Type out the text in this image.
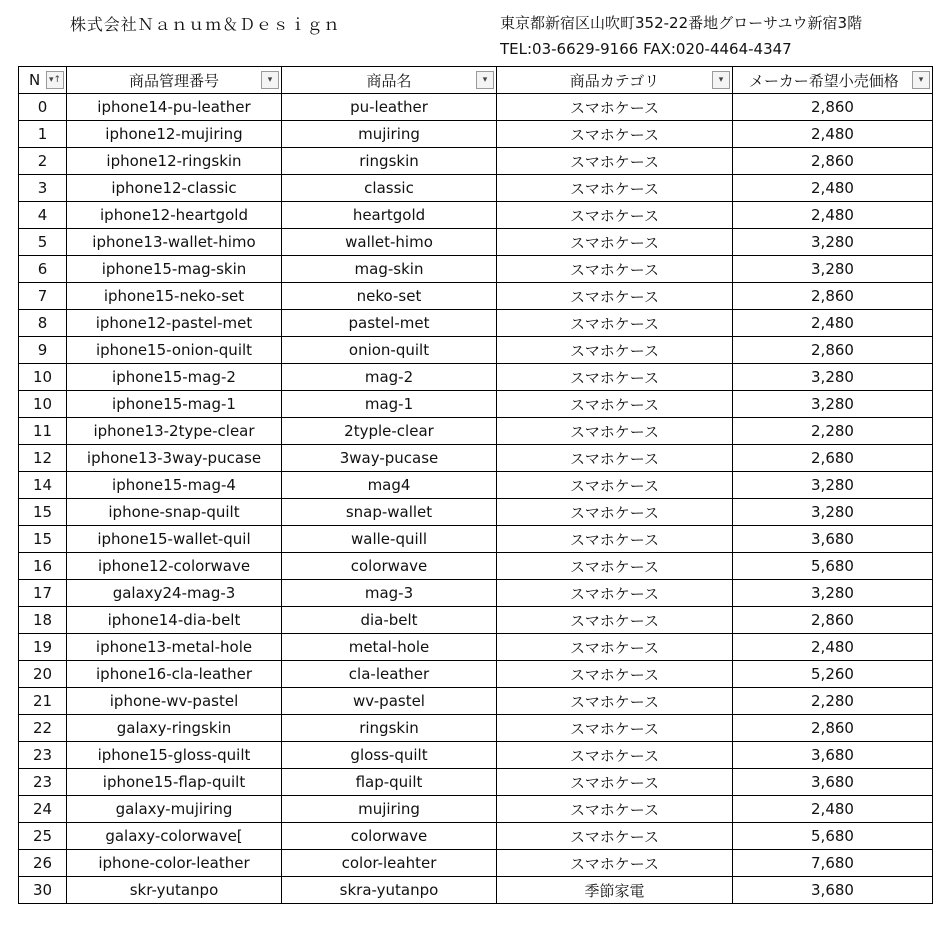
株式会社Ｎａｎｕｍ＆Ｄｅｓｉｇｎ	東京都新宿区山吹町352-22番地グローサユウ新宿3階
TEL:03-6629-9166 FAX:020-4464-4347
N ▾↑	商品管理番号 ▾	商品名 ▾	商品カテゴリ ▾	メーカー希望小売価格 ▾

0	iphone14-pu-leather	pu-leather	スマホケース	2,860
1	iphone12-mujiring	mujiring	スマホケース	2,480
2	iphone12-ringskin	ringskin	スマホケース	2,860
3	iphone12-classic	classic	スマホケース	2,480
4	iphone12-heartgold	heartgold	スマホケース	2,480
5	iphone13-wallet-himo	wallet-himo	スマホケース	3,280
6	iphone15-mag-skin	mag-skin	スマホケース	3,280
7	iphone15-neko-set	neko-set	スマホケース	2,860
8	iphone12-pastel-met	pastel-met	スマホケース	2,480
9	iphone15-onion-quilt	onion-quilt	スマホケース	2,860
10	iphone15-mag-2	mag-2	スマホケース	3,280
10	iphone15-mag-1	mag-1	スマホケース	3,280
11	iphone13-2type-clear	2typle-clear	スマホケース	2,280
12	iphone13-3way-pucase	3way-pucase	スマホケース	2,680
14	iphone15-mag-4	mag4	スマホケース	3,280
15	iphone-snap-quilt	snap-wallet	スマホケース	3,280
15	iphone15-wallet-quil	walle-quill	スマホケース	3,680
16	iphone12-colorwave	colorwave	スマホケース	5,680
17	galaxy24-mag-3	mag-3	スマホケース	3,280
18	iphone14-dia-belt	dia-belt	スマホケース	2,860
19	iphone13-metal-hole	metal-hole	スマホケース	2,480
20	iphone16-cla-leather	cla-leather	スマホケース	5,260
21	iphone-wv-pastel	wv-pastel	スマホケース	2,280
22	galaxy-ringskin	ringskin	スマホケース	2,860
23	iphone15-gloss-quilt	gloss-quilt	スマホケース	3,680
23	iphone15-flap-quilt	flap-quilt	スマホケース	3,680
24	galaxy-mujiring	mujiring	スマホケース	2,480
25	galaxy-colorwave[	colorwave	スマホケース	5,680
26	iphone-color-leather	color-leahter	スマホケース	7,680
30	skr-yutanpo	skra-yutanpo	季節家電	3,680
